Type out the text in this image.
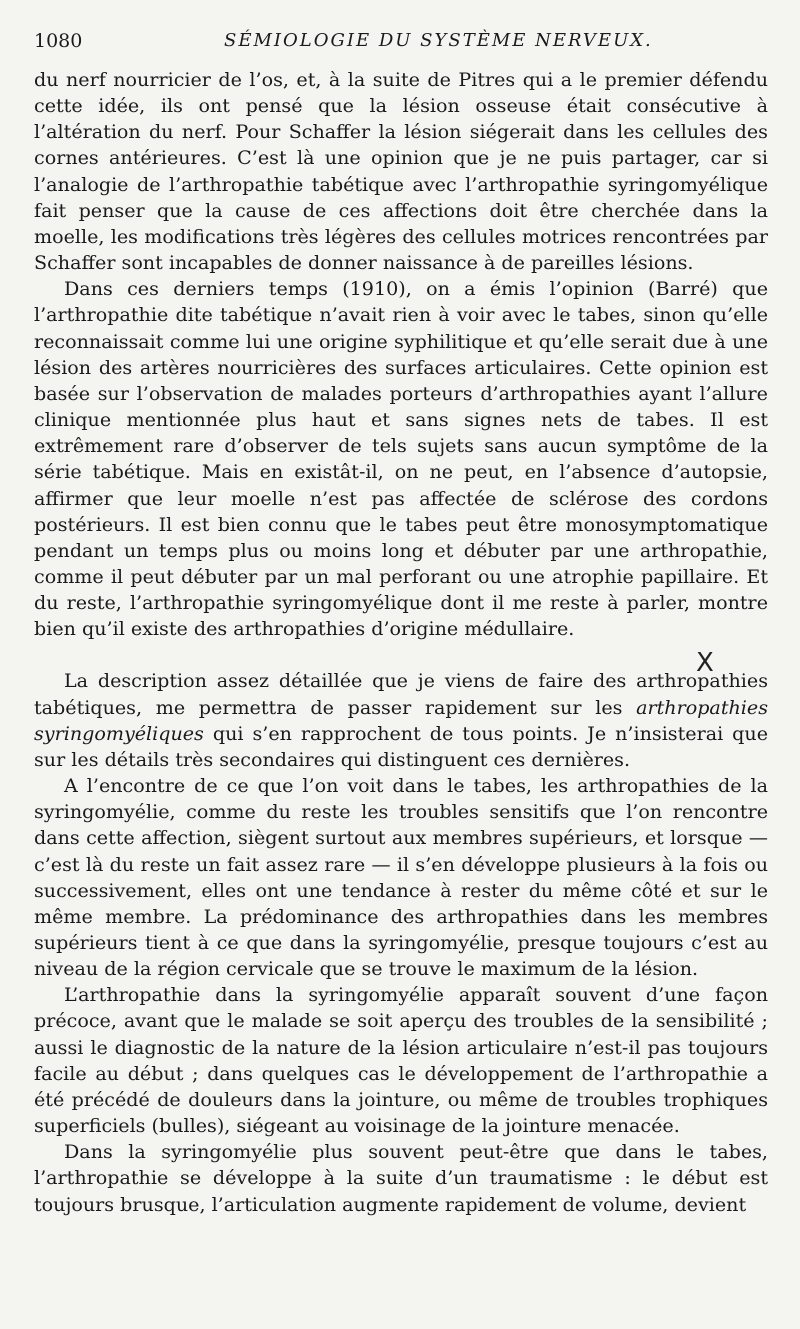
1080	SÉMIOLOGIE DU SYSTÈME NERVEUX.

du nerf nourricier de l’os, et, à la suite de Pitres qui a le premier défendu cette idée, ils ont pensé que la lésion osseuse était consécutive à l’altération du nerf. Pour Schaffer la lésion siégerait dans les cellules des cornes antérieures. C’est là une opinion que je ne puis partager, car si l’analogie de l’arthropathie tabétique avec l’arthropathie syringomyélique fait penser que la cause de ces affections doit être cherchée dans la moelle, les modifications très légères des cellules motrices rencontrées par Schaffer sont incapables de donner naissance à de pareilles lésions.

Dans ces derniers temps (1910), on a émis l’opinion (Barré) que l’arthropathie dite tabétique n’avait rien à voir avec le tabes, sinon qu’elle reconnaissait comme lui une origine syphilitique et qu’elle serait due à une lésion des artères nourricières des surfaces articulaires. Cette opinion est basée sur l’observation de malades porteurs d’arthropathies ayant l’allure clinique mentionnée plus haut et sans signes nets de tabes. Il est extrêmement rare d’observer de tels sujets sans aucun symptôme de la série tabétique. Mais en existât-il, on ne peut, en l’absence d’autopsie, affirmer que leur moelle n’est pas affectée de sclérose des cordons postérieurs. Il est bien connu que le tabes peut être monosymptomatique pendant un temps plus ou moins long et débuter par une arthropathie, comme il peut débuter par un mal perforant ou une atrophie papillaire. Et du reste, l’arthropathie syringomyélique dont il me reste à parler, montre bien qu’il existe des arthropathies d’origine médullaire.

La description assez détaillée que je viens de faire des arthropathies tabétiques, me permettra de passer rapidement sur les arthropathies syringomyéliques qui s’en rapprochent de tous points. Je n’insisterai que sur les détails très secondaires qui distinguent ces dernières.

A l’encontre de ce que l’on voit dans le tabes, les arthropathies de la syringomyélie, comme du reste les troubles sensitifs que l’on rencontre dans cette affection, siègent surtout aux membres supérieurs, et lorsque — c’est là du reste un fait assez rare — il s’en développe plusieurs à la fois ou successivement, elles ont une tendance à rester du même côté et sur le même membre. La prédominance des arthropathies dans les membres supérieurs tient à ce que dans la syringomyélie, presque toujours c’est au niveau de la région cervicale que se trouve le maximum de la lésion.

L’arthropathie dans la syringomyélie apparaît souvent d’une façon précoce, avant que le malade se soit aperçu des troubles de la sensibilité ; aussi le diagnostic de la nature de la lésion articulaire n’est-il pas toujours facile au début ; dans quelques cas le développement de l’arthropathie a été précédé de douleurs dans la jointure, ou même de troubles trophiques superficiels (bulles), siégeant au voisinage de la jointure menacée.

Dans la syringomyélie plus souvent peut-être que dans le tabes, l’arthropathie se développe à la suite d’un traumatisme : le début est toujours brusque, l’articulation augmente rapidement de volume, devient

X
